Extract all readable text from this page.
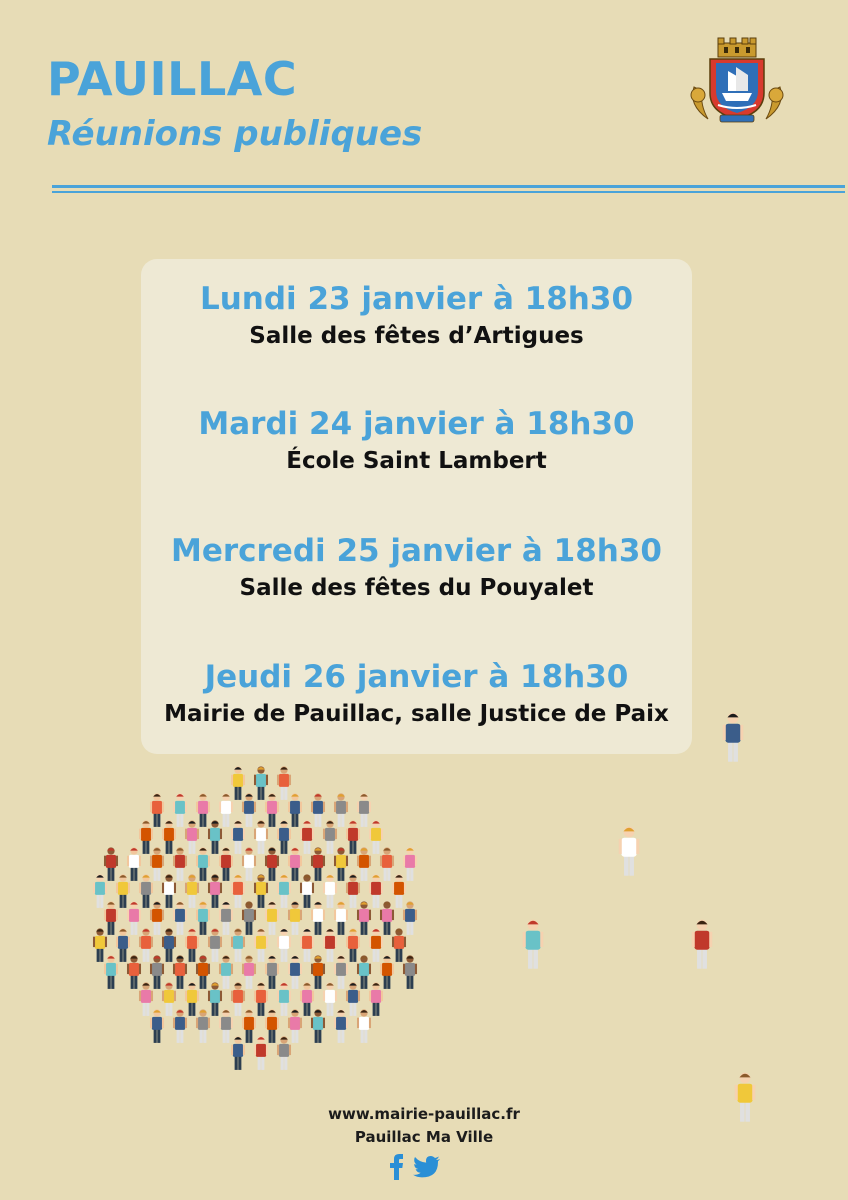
PAUILLAC
Réunions publiques
Lundi 23 janvier à 18h30
Salle des fêtes d’Artigues
Mardi 24 janvier à 18h30
École Saint Lambert
Mercredi 25 janvier à 18h30
Salle des fêtes du Pouyalet
Jeudi 26 janvier à 18h30
Mairie de Pauillac, salle Justice de Paix
www.mairie-pauillac.fr
Pauillac Ma Ville
